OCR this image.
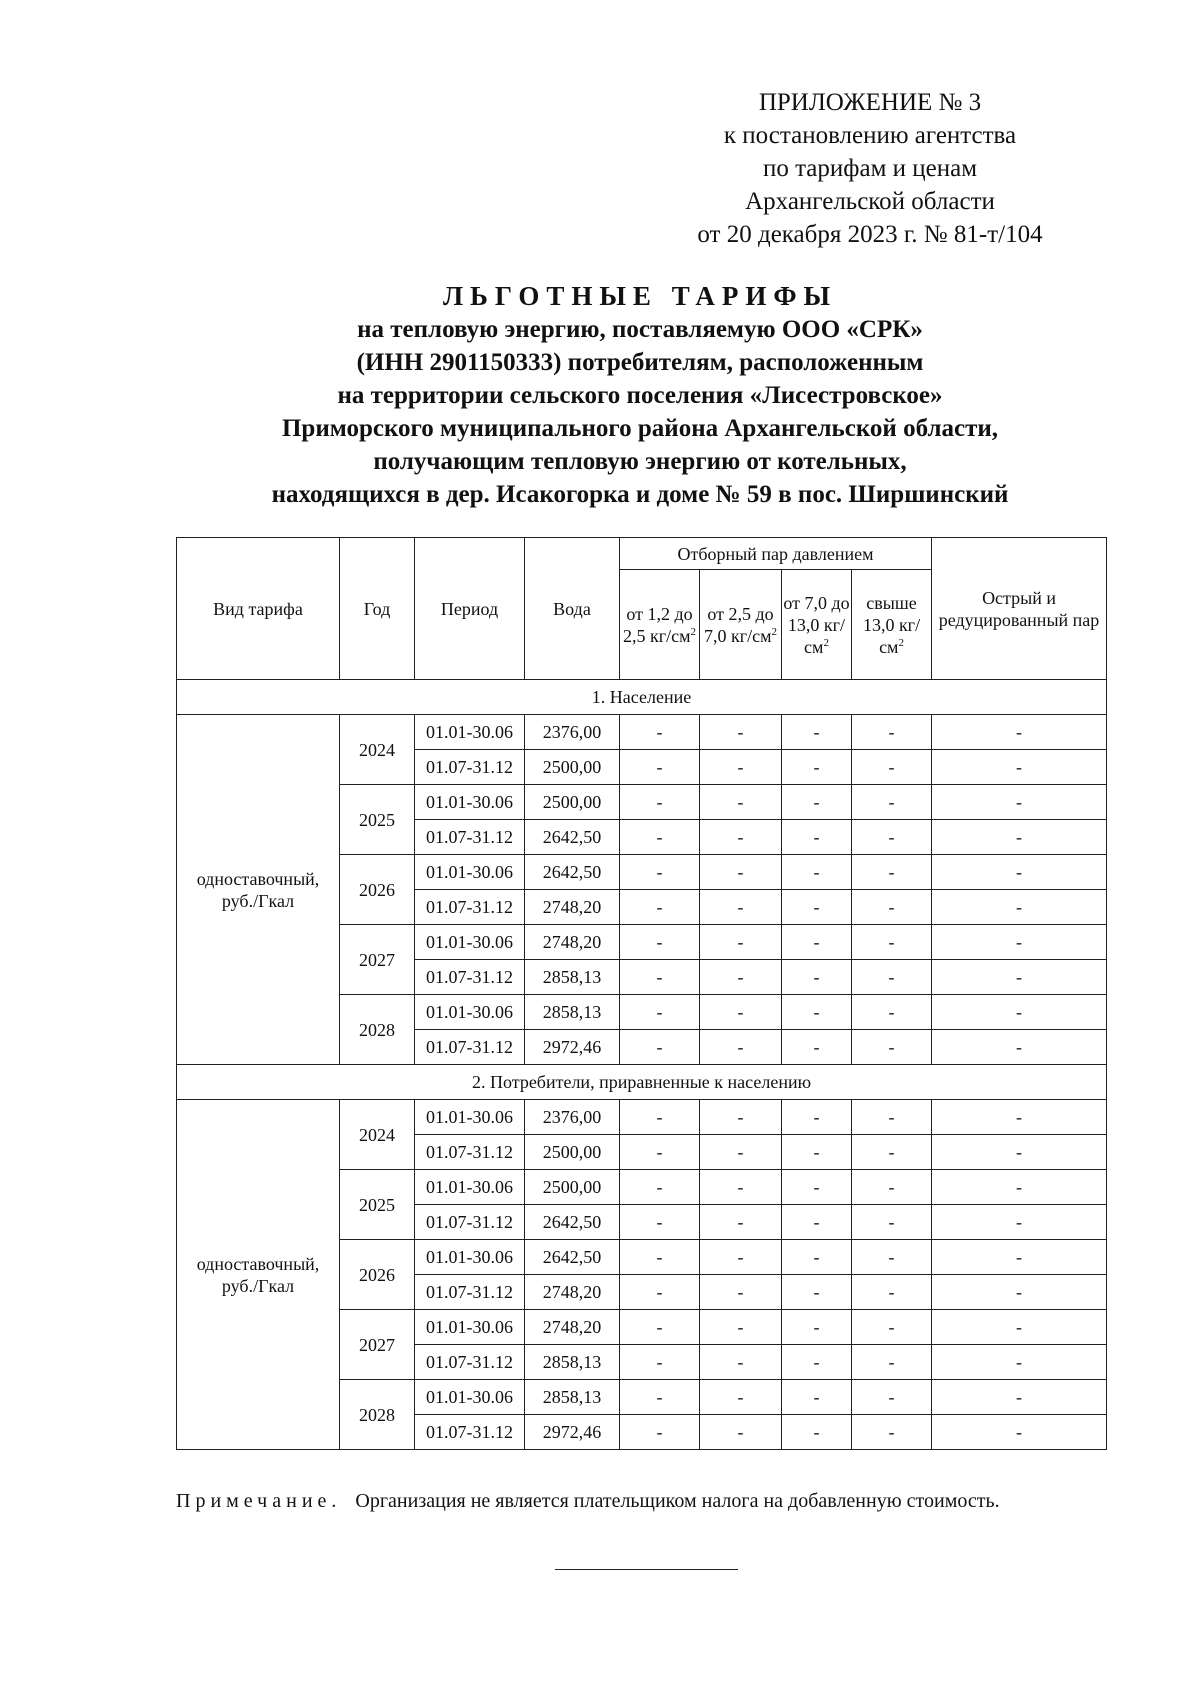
ПРИЛОЖЕНИЕ № 3
к постановлению агентства
по тарифам и ценам
Архангельской области
от 20 декабря 2023 г. № 81-т/104
ЛЬГОТНЫЕ ТАРИФЫ
на тепловую энергию, поставляемую ООО «СРК»
(ИНН 2901150333) потребителям, расположенным
на территории сельского поселения «Лисестровское»
Приморского муниципального района Архангельской области,
получающим тепловую энергию от котельных,
находящихся в дер. Исакогорка и доме № 59 в пос. Ширшинский
Вид тарифа	Год	Период	Вода	Отборный пар давлением				Острый и редуцированный пар
				от 1,2 до 2,5 $кг/см^2$	от 2,5 до 7,0 $кг/см^2$	от 7,0 до 13,0 $кг/см^2$	свыше 13,0 $кг/см^2$
1. Население								
одноставочный, руб./Гкал	2024	01.01-30.06	2376,00	-	-	-	-	-
		01.07-31.12	2500,00	-	-	-	-	-
	2025	01.01-30.06	2500,00	-	-	-	-	-
		01.07-31.12	2642,50	-	-	-	-	-
	2026	01.01-30.06	2642,50	-	-	-	-	-
		01.07-31.12	2748,20	-	-	-	-	-
	2027	01.01-30.06	2748,20	-	-	-	-	-
		01.07-31.12	2858,13	-	-	-	-	-
	2028	01.01-30.06	2858,13	-	-	-	-	-
		01.07-31.12	2972,46	-	-	-	-	-
2. Потребители, приравненные к населению								
одноставочный, руб./Гкал	2024	01.01-30.06	2376,00	-	-	-	-	-
		01.07-31.12	2500,00	-	-	-	-	-
	2025	01.01-30.06	2500,00	-	-	-	-	-
		01.07-31.12	2642,50	-	-	-	-	-
	2026	01.01-30.06	2642,50	-	-	-	-	-
		01.07-31.12	2748,20	-	-	-	-	-
	2027	01.01-30.06	2748,20	-	-	-	-	-
		01.07-31.12	2858,13	-	-	-	-	-
	2028	01.01-30.06	2858,13	-	-	-	-	-
		01.07-31.12	2972,46	-	-	-	-	-
Примечание. Организация не является плательщиком налога на добавленную стоимость.
